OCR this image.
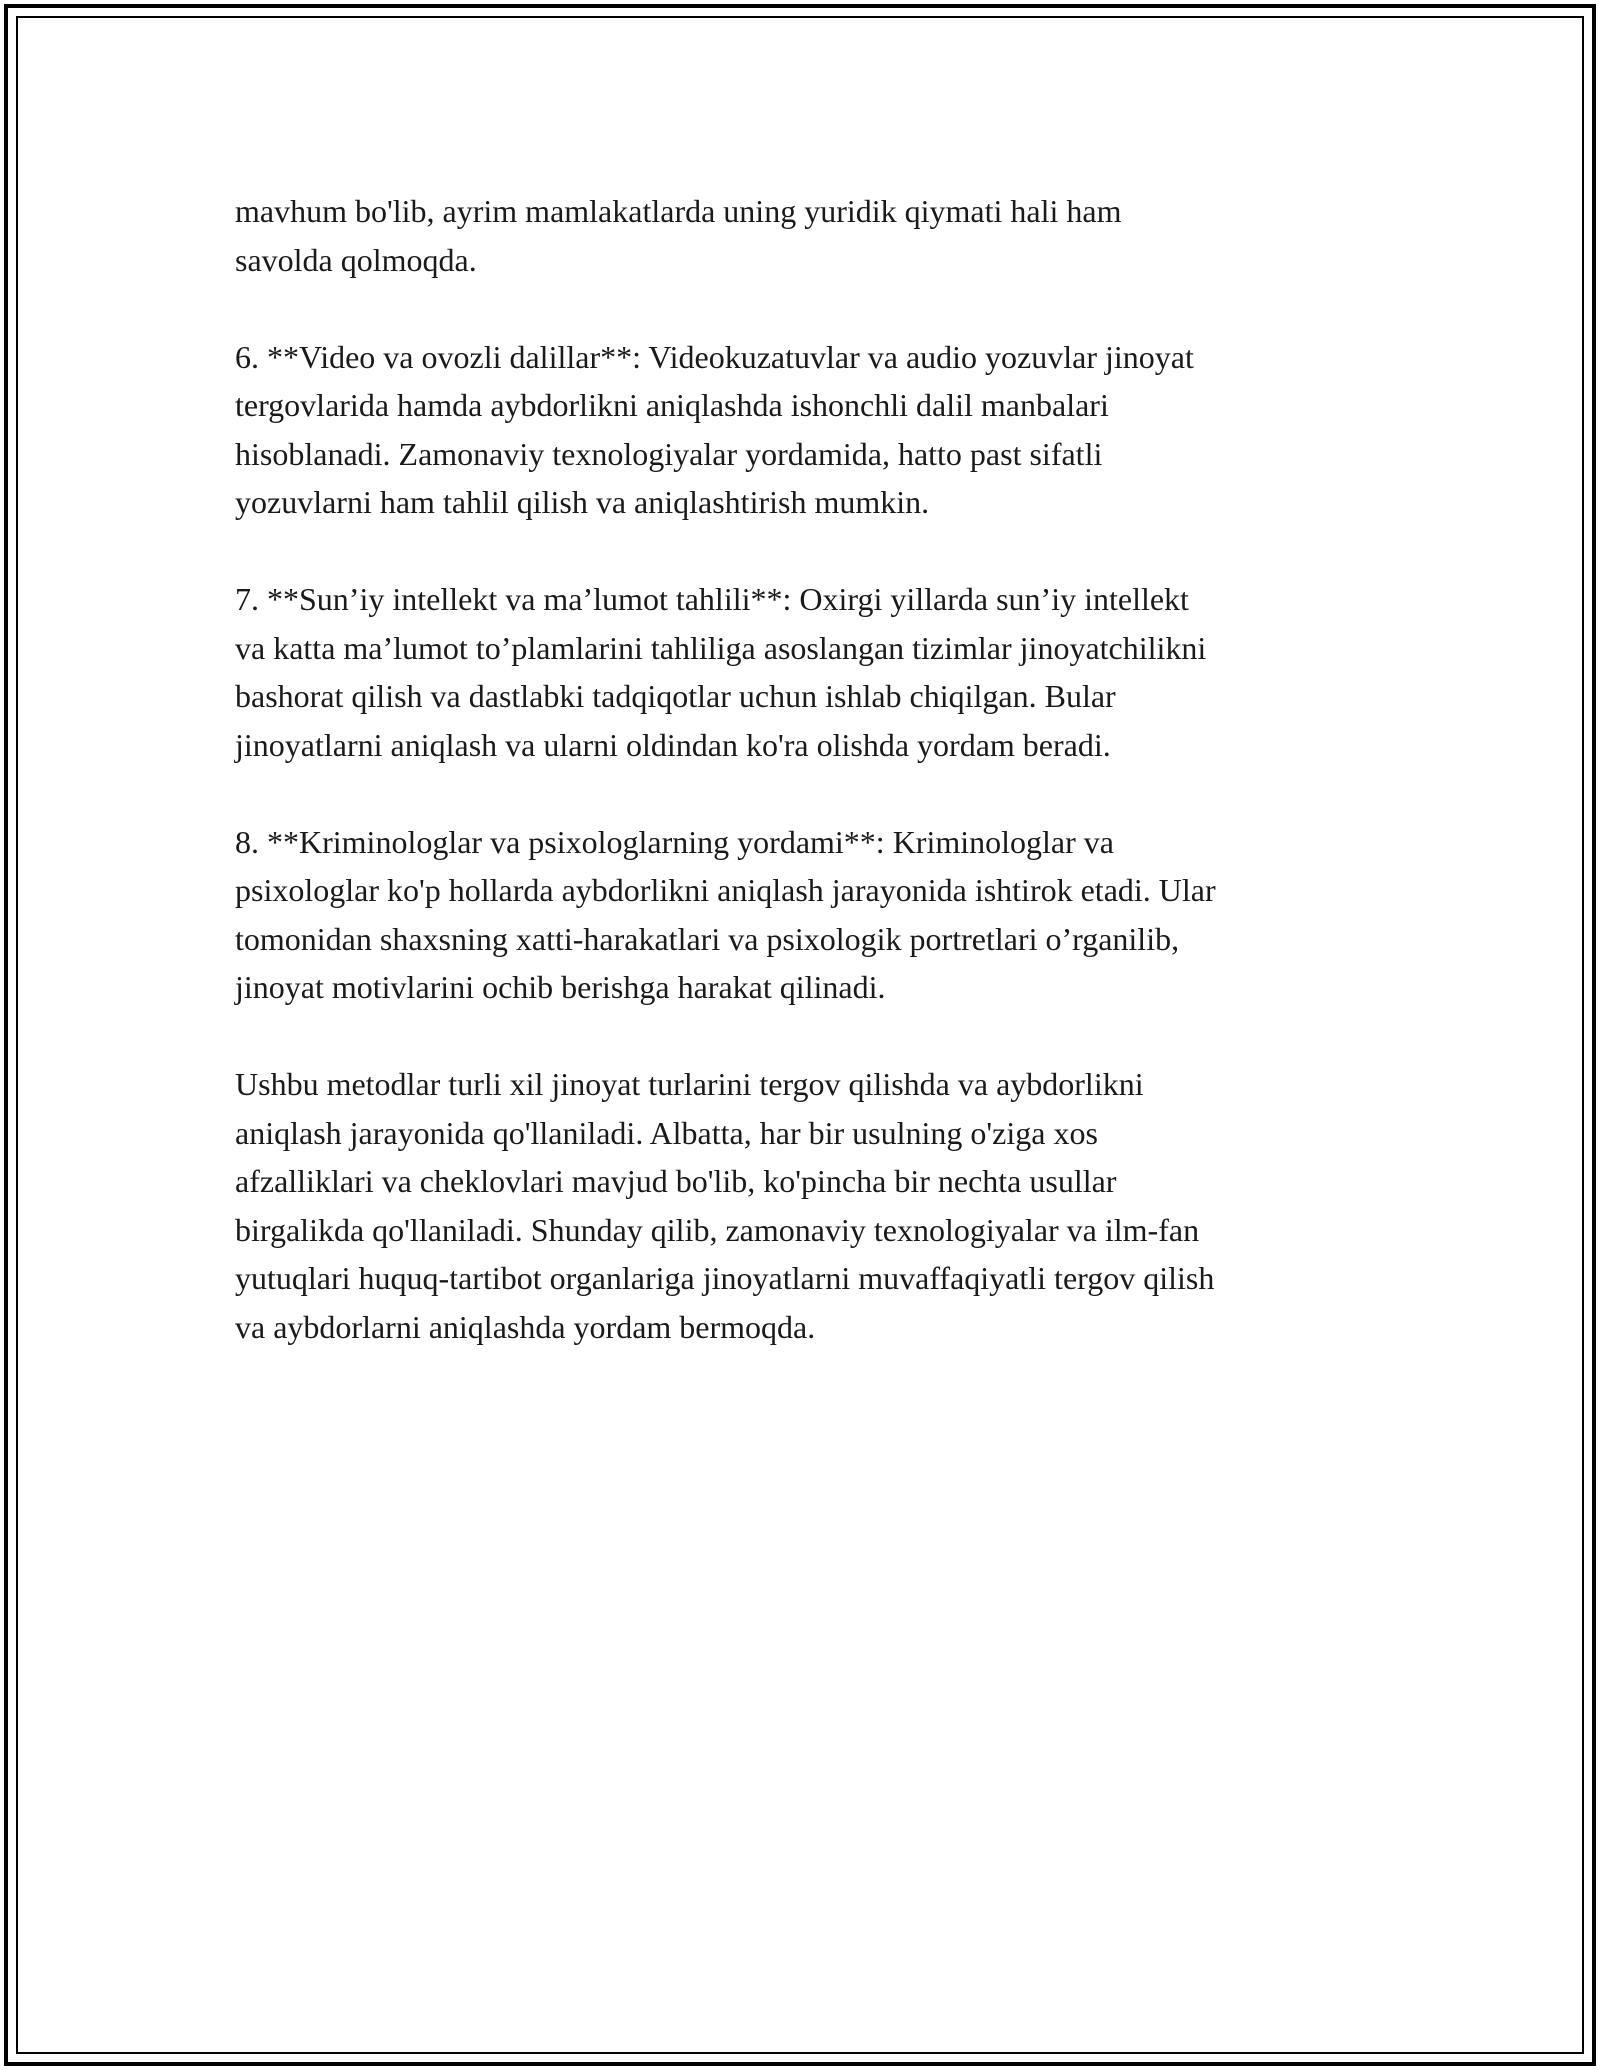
mavhum bo'lib, ayrim mamlakatlarda uning yuridik qiymati hali ham
savolda qolmoqda.

6. **Video va ovozli dalillar**: Videokuzatuvlar va audio yozuvlar jinoyat
tergovlarida hamda aybdorlikni aniqlashda ishonchli dalil manbalari
hisoblanadi. Zamonaviy texnologiyalar yordamida, hatto past sifatli
yozuvlarni ham tahlil qilish va aniqlashtirish mumkin.

7. **Sun’iy intellekt va ma’lumot tahlili**: Oxirgi yillarda sun’iy intellekt
va katta ma’lumot to’plamlarini tahliliga asoslangan tizimlar jinoyatchilikni
bashorat qilish va dastlabki tadqiqotlar uchun ishlab chiqilgan. Bular
jinoyatlarni aniqlash va ularni oldindan ko'ra olishda yordam beradi.

8. **Kriminologlar va psixologlarning yordami**: Kriminologlar va
psixologlar ko'p hollarda aybdorlikni aniqlash jarayonida ishtirok etadi. Ular
tomonidan shaxsning xatti-harakatlari va psixologik portretlari o’rganilib,
jinoyat motivlarini ochib berishga harakat qilinadi.

Ushbu metodlar turli xil jinoyat turlarini tergov qilishda va aybdorlikni
aniqlash jarayonida qo'llaniladi. Albatta, har bir usulning o'ziga xos
afzalliklari va cheklovlari mavjud bo'lib, ko'pincha bir nechta usullar
birgalikda qo'llaniladi. Shunday qilib, zamonaviy texnologiyalar va ilm-fan
yutuqlari huquq-tartibot organlariga jinoyatlarni muvaffaqiyatli tergov qilish
va aybdorlarni aniqlashda yordam bermoqda.
